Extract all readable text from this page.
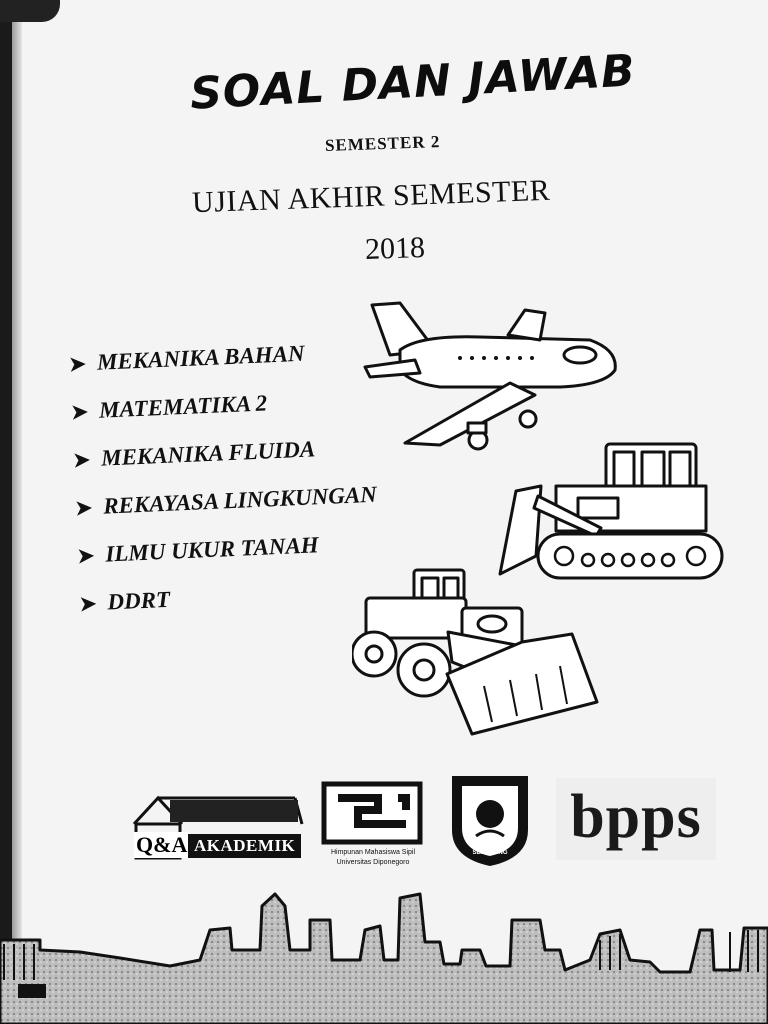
SOAL DAN JAWAB
SEMESTER 2
UJIAN AKHIR SEMESTER
2018
➤ MEKANIKA BAHAN
➤ MATEMATIKA 2
➤ MEKANIKA FLUIDA
➤ REKAYASA LINGKUNGAN
➤ ILMU UKUR TANAH
➤ DDRT
Q&A AKADEMIK	Himpunan Mahasiswa Sipil
Universitas Diponegoro
SEMARANG
bpps
